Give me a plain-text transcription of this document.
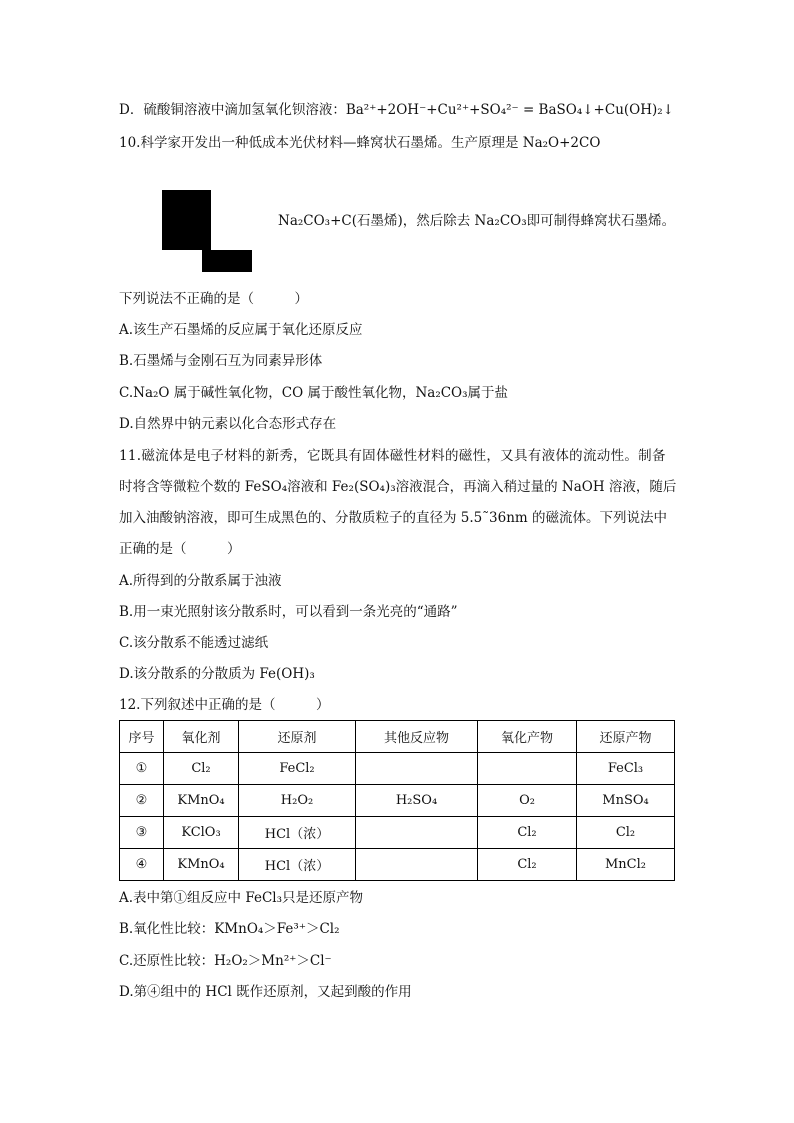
D．硫酸铜溶液中滴加氢氧化钡溶液：Ba²⁺+2OH⁻+Cu²⁺+SO₄²⁻ = BaSO₄↓+Cu(OH)₂↓
10.科学家开发出一种低成本光伏材料—蜂窝状石墨烯。生产原理是 Na₂O+2CO
Na₂CO₃+C(石墨烯)，然后除去 Na₂CO₃即可制得蜂窝状石墨烯。
下列说法不正确的是（　　　）
A.该生产石墨烯的反应属于氧化还原反应
B.石墨烯与金刚石互为同素异形体
C.Na₂O 属于碱性氧化物，CO 属于酸性氧化物，Na₂CO₃属于盐
D.自然界中钠元素以化合态形式存在
11.磁流体是电子材料的新秀，它既具有固体磁性材料的磁性，又具有液体的流动性。制备
时将含等微粒个数的 FeSO₄溶液和 Fe₂(SO₄)₃溶液混合，再滴入稍过量的 NaOH 溶液，随后
加入油酸钠溶液，即可生成黑色的、分散质粒子的直径为 5.5˜36nm 的磁流体。下列说法中
正确的是（　　　）
A.所得到的分散系属于浊液
B.用一束光照射该分散系时，可以看到一条光亮的“通路”
C.该分散系不能透过滤纸
D.该分散系的分散质为 Fe(OH)₃
12.下列叙述中正确的是（　　　）
序号	氧化剂	还原剂	其他反应物	氧化产物	还原产物
①	Cl₂	FeCl₂			FeCl₃
②	KMnO₄	H₂O₂	H₂SO₄	O₂	MnSO₄
③	KClO₃	HCl（浓）		Cl₂	Cl₂
④	KMnO₄	HCl（浓）		Cl₂	MnCl₂
A.表中第①组反应中 FeCl₃只是还原产物
B.氧化性比较：KMnO₄＞Fe³⁺＞Cl₂
C.还原性比较：H₂O₂＞Mn²⁺＞Cl⁻
D.第④组中的 HCl 既作还原剂，又起到酸的作用
